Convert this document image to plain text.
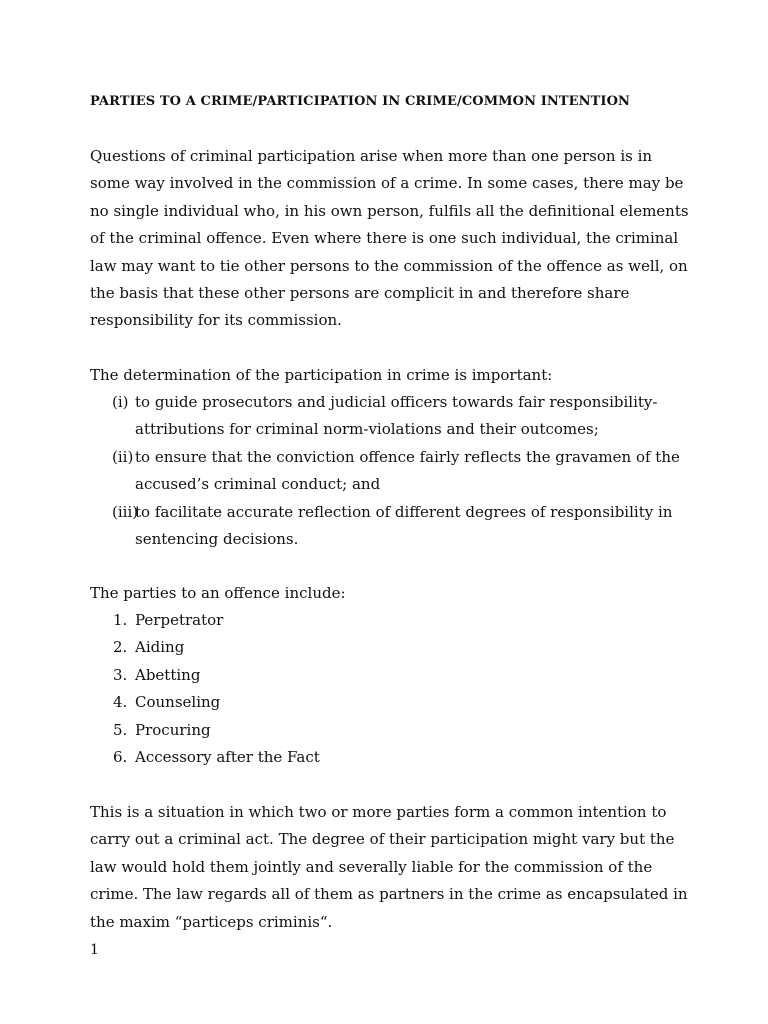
PARTIES TO A CRIME/PARTICIPATION IN CRIME/COMMON INTENTION
Questions of criminal participation arise when more than one person is in
some way involved in the commission of a crime. In some cases, there may be
no single individual who, in his own person, fulfils all the definitional elements
of the criminal offence. Even where there is one such individual, the criminal
law may want to tie other persons to the commission of the offence as well, on
the basis that these other persons are complicit in and therefore share
responsibility for its commission.
The determination of the participation in crime is important:
(i) to guide prosecutors and judicial officers towards fair responsibility-
attributions for criminal norm-violations and their outcomes;
(ii) to ensure that the conviction offence fairly reflects the gravamen of the
accused’s criminal conduct; and
(iii)
to facilitate accurate reflection of different degrees of responsibility in
sentencing decisions.
The parties to an offence include:
1. Perpetrator
2. Aiding
3. Abetting
4. Counseling
5. Procuring
6. Accessory after the Fact
This is a situation in which two or more parties form a common intention to
carry out a criminal act. The degree of their participation might vary but the
law would hold them jointly and severally liable for the commission of the
crime. The law regards all of them as partners in the crime as encapsulated in
the maxim “particeps criminis“.
1
